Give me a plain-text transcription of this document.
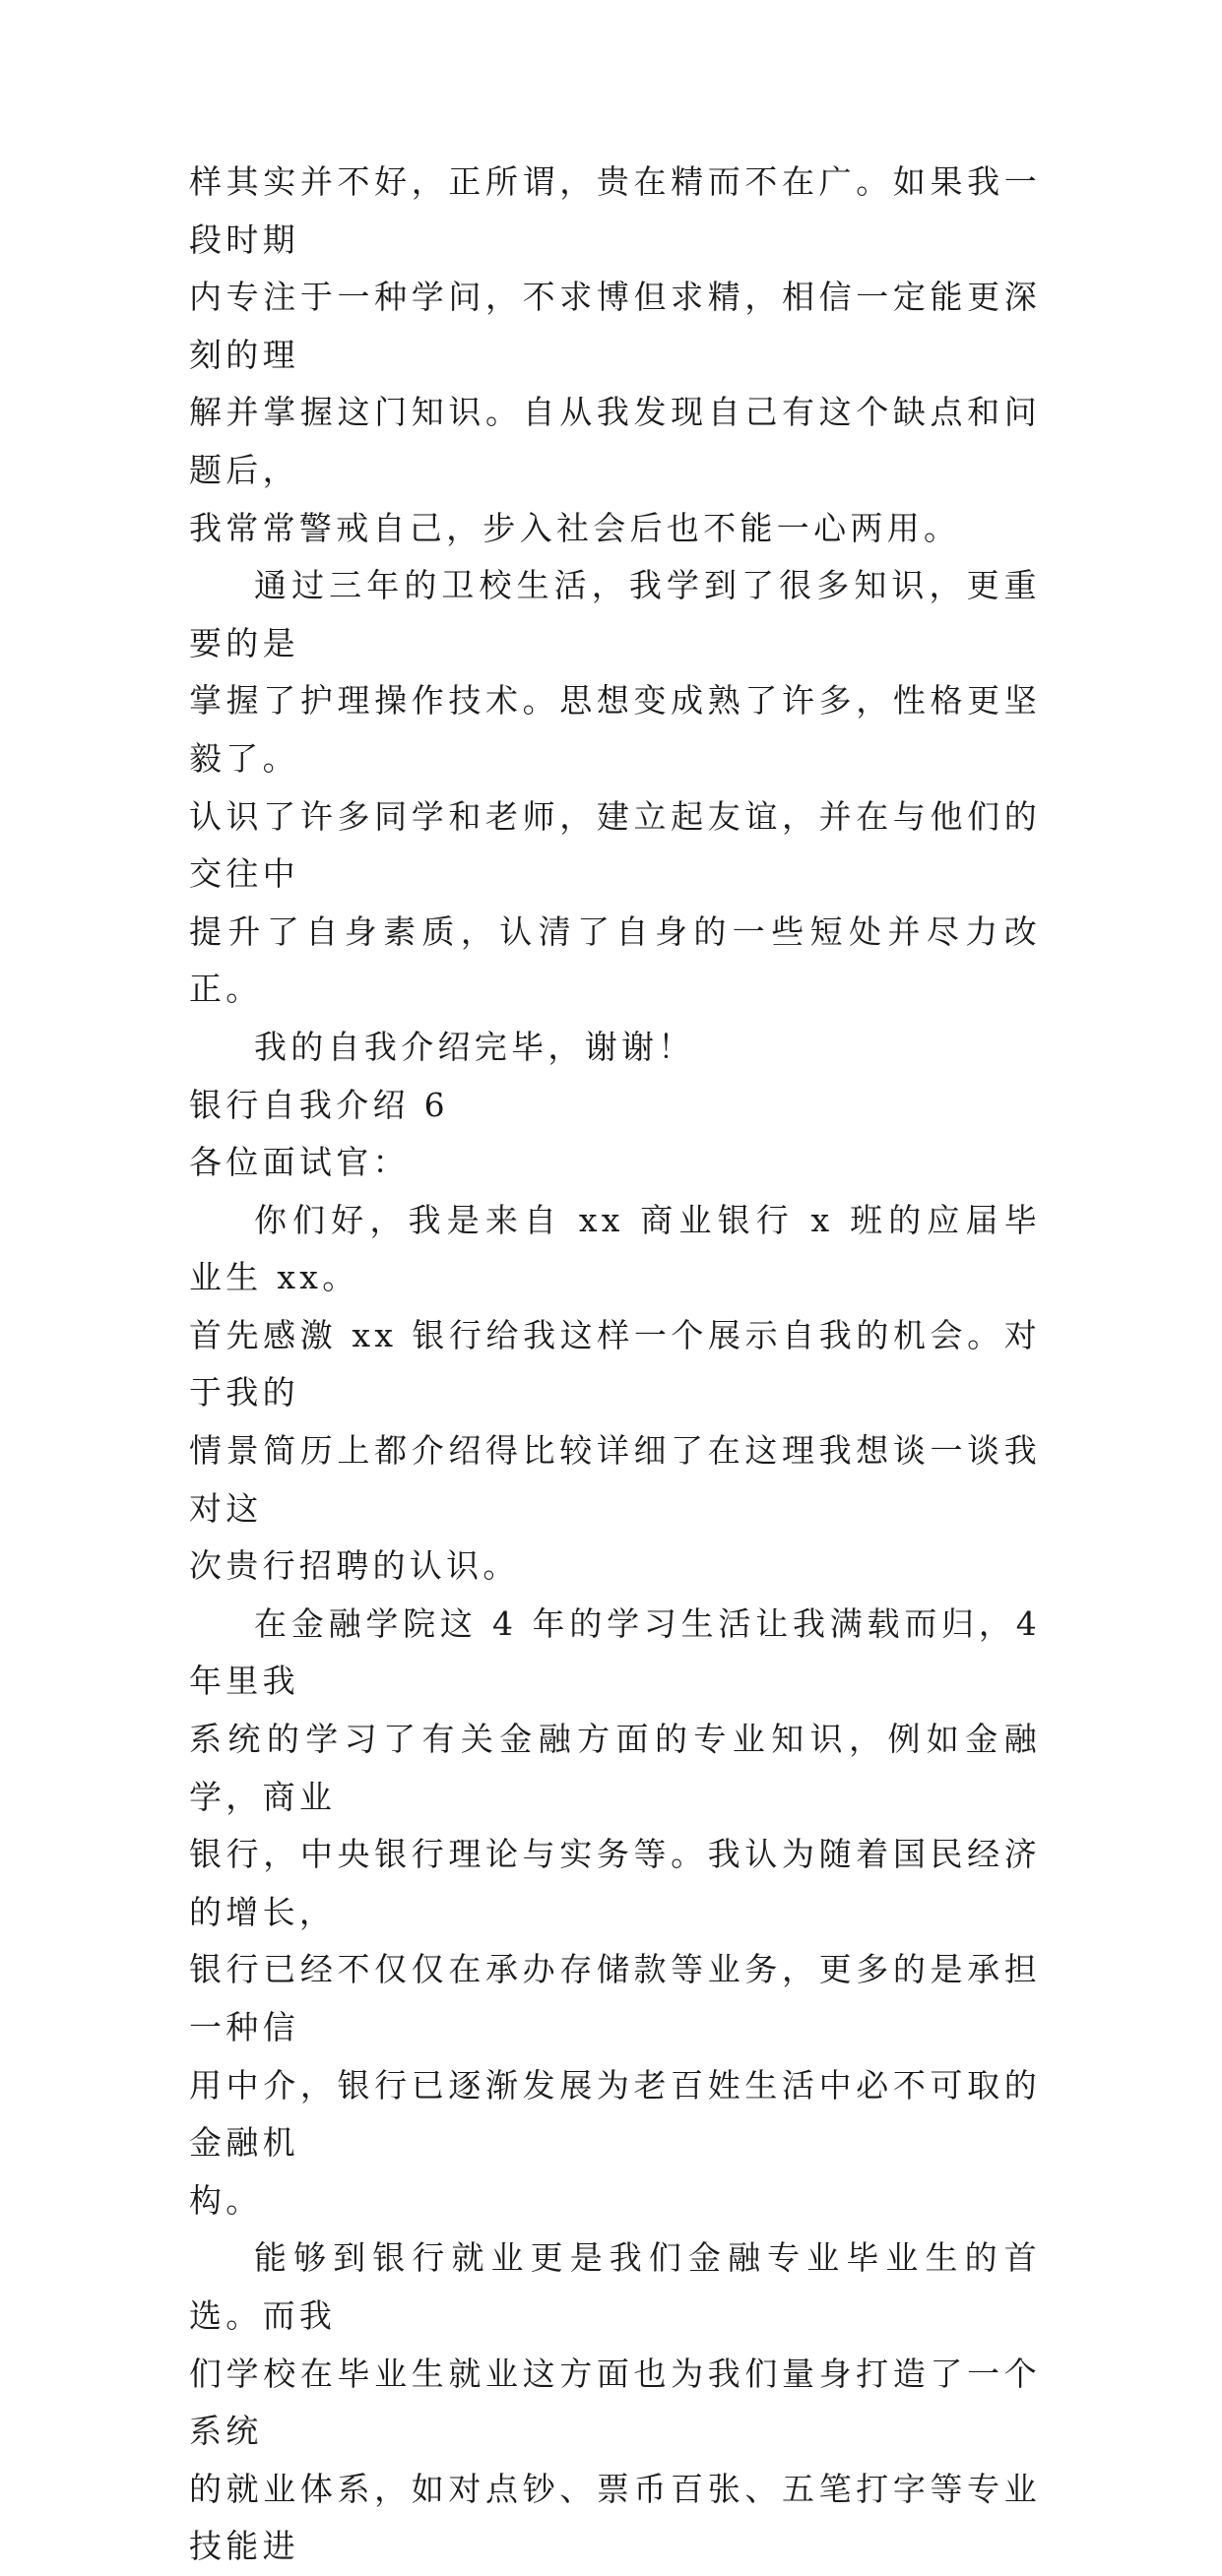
样其实并不好，正所谓，贵在精而不在广。如果我一段时期
内专注于一种学问，不求博但求精，相信一定能更深刻的理
解并掌握这门知识。自从我发现自己有这个缺点和问题后，
我常常警戒自己，步入社会后也不能一心两用。
通过三年的卫校生活，我学到了很多知识，更重要的是
掌握了护理操作技术。思想变成熟了许多，性格更坚毅了。
认识了许多同学和老师，建立起友谊，并在与他们的交往中
提升了自身素质，认清了自身的一些短处并尽力改正。
我的自我介绍完毕，谢谢！
银行自我介绍 6
各位面试官：
你们好，我是来自 xx 商业银行 x 班的应届毕业生 xx。
首先感激 xx 银行给我这样一个展示自我的机会。对于我的
情景简历上都介绍得比较详细了在这理我想谈一谈我对这
次贵行招聘的认识。
在金融学院这 4 年的学习生活让我满载而归，4 年里我
系统的学习了有关金融方面的专业知识，例如金融学，商业
银行，中央银行理论与实务等。我认为随着国民经济的增长，
银行已经不仅仅在承办存储款等业务，更多的是承担一种信
用中介，银行已逐渐发展为老百姓生活中必不可取的金融机
构。
能够到银行就业更是我们金融专业毕业生的首选。而我
们学校在毕业生就业这方面也为我们量身打造了一个系统
的就业体系，如对点钞、票币百张、五笔打字等专业技能进
